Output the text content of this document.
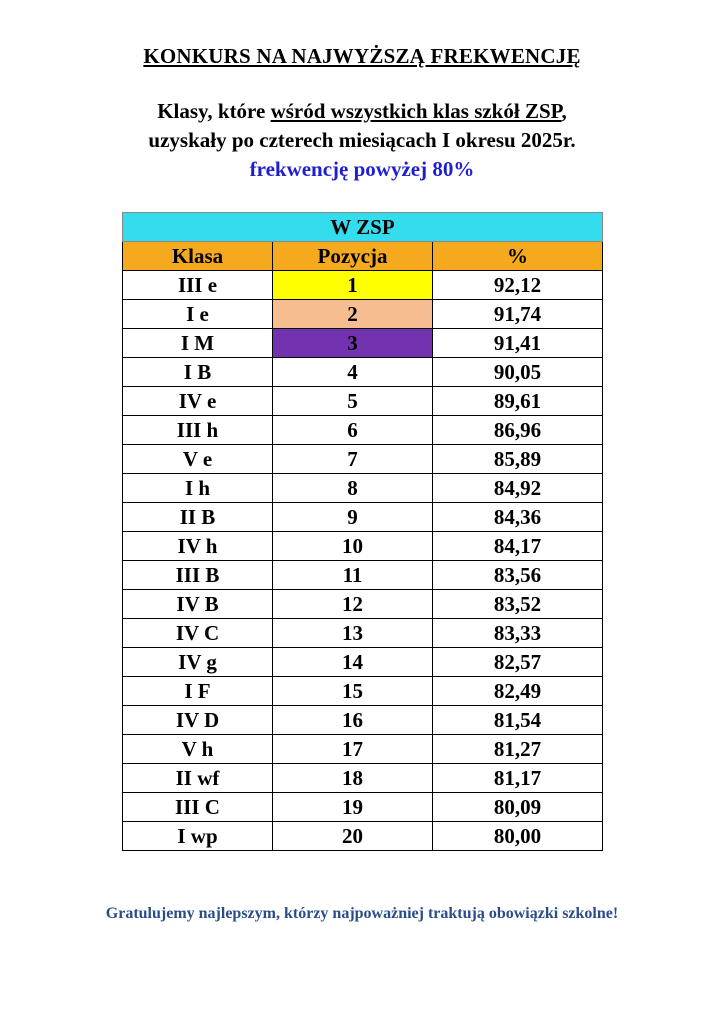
KONKURS NA NAJWYŻSZĄ FREKWENCJĘ
Klasy, które wśród wszystkich klas szkół ZSP,
uzyskały po czterech miesiącach I okresu 2025r.
frekwencję powyżej 80%
W ZSP		
Klasa	Pozycja	%
III e	1	92,12
I e	2	91,74
I M	3	91,41
I B	4	90,05
IV e	5	89,61
III h	6	86,96
V e	7	85,89
I h	8	84,92
II B	9	84,36
IV h	10	84,17
III B	11	83,56
IV B	12	83,52
IV C	13	83,33
IV g	14	82,57
I F	15	82,49
IV D	16	81,54
V h	17	81,27
II wf	18	81,17
III C	19	80,09
I wp	20	80,00
Gratulujemy najlepszym, którzy najpoważniej traktują obowiązki szkolne!
